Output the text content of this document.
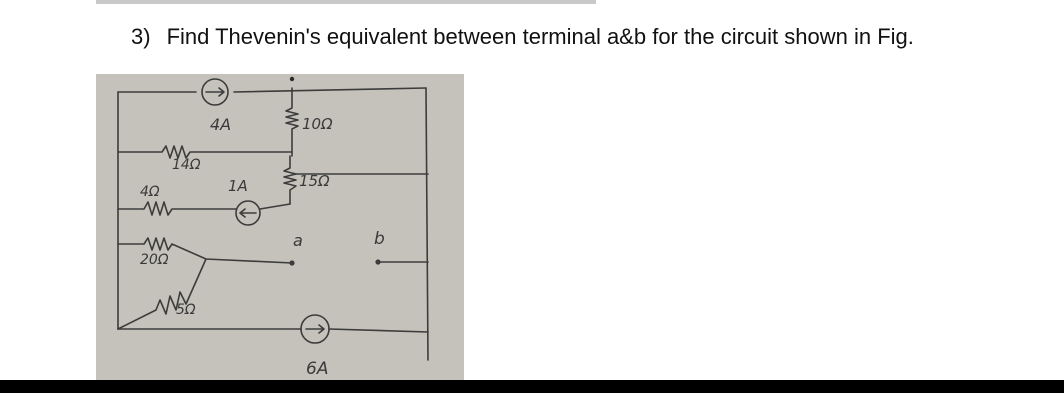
3) Find Thevenin's equivalent between terminal a&b for the circuit shown in Fig.
4A	10Ω
14Ω
1A	15Ω
4Ω
20Ω
5Ω
a	b
6A
